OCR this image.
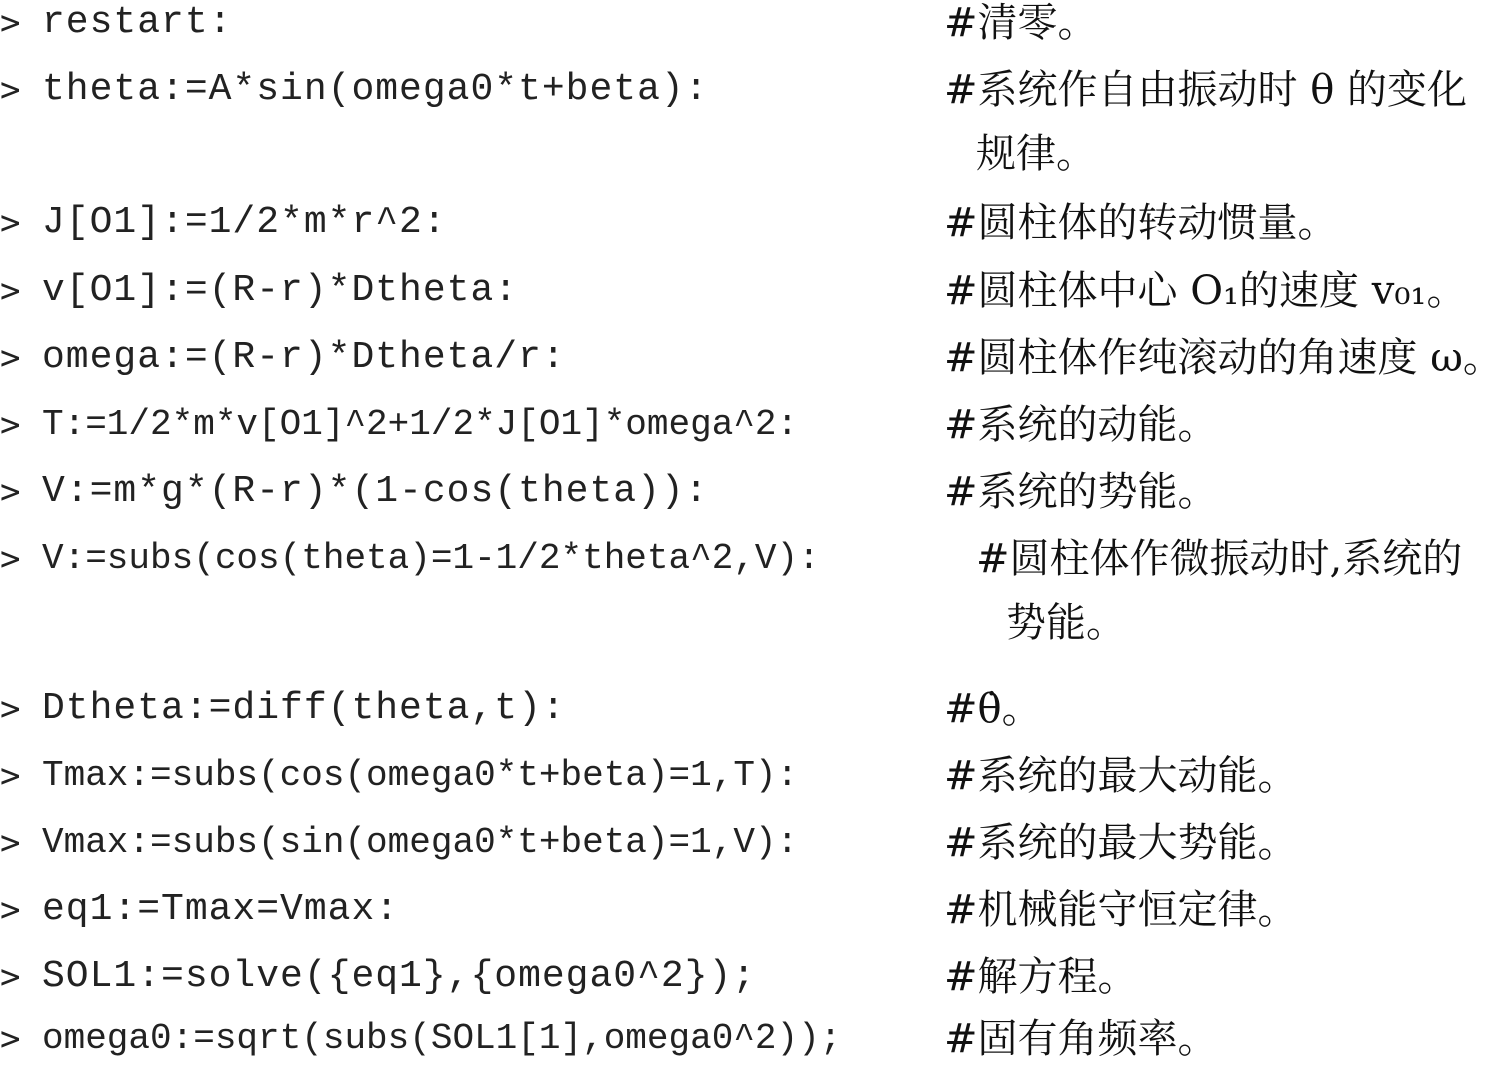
> restart:	#清零。
> theta:=A*sin(omega0*t+beta):	#系统作自由振动时 θ 的变化
规律。
> J[O1]:=1/2*m*r^2:	#圆柱体的转动惯量。
> v[O1]:=(R-r)*Dtheta:	#圆柱体中心 O₁的速度 v₀₁。
> omega:=(R-r)*Dtheta/r:	#圆柱体作纯滚动的角速度 ω。
> T:=1/2*m*v[O1]^2+1/2*J[O1]*omega^2:	#系统的动能。
> V:=m*g*(R-r)*(1-cos(theta)):	#系统的势能。
> V:=subs(cos(theta)=1-1/2*theta^2,V):	#圆柱体作微振动时,系统的
势能。
> Dtheta:=diff(theta,t):	#θ̇。
> Tmax:=subs(cos(omega0*t+beta)=1,T):	#系统的最大动能。
> Vmax:=subs(sin(omega0*t+beta)=1,V):	#系统的最大势能。
> eq1:=Tmax=Vmax:	#机械能守恒定律。
> SOL1:=solve({eq1},{omega0^2});	#解方程。
> omega0:=sqrt(subs(SOL1[1],omega0^2));	#固有角频率。
